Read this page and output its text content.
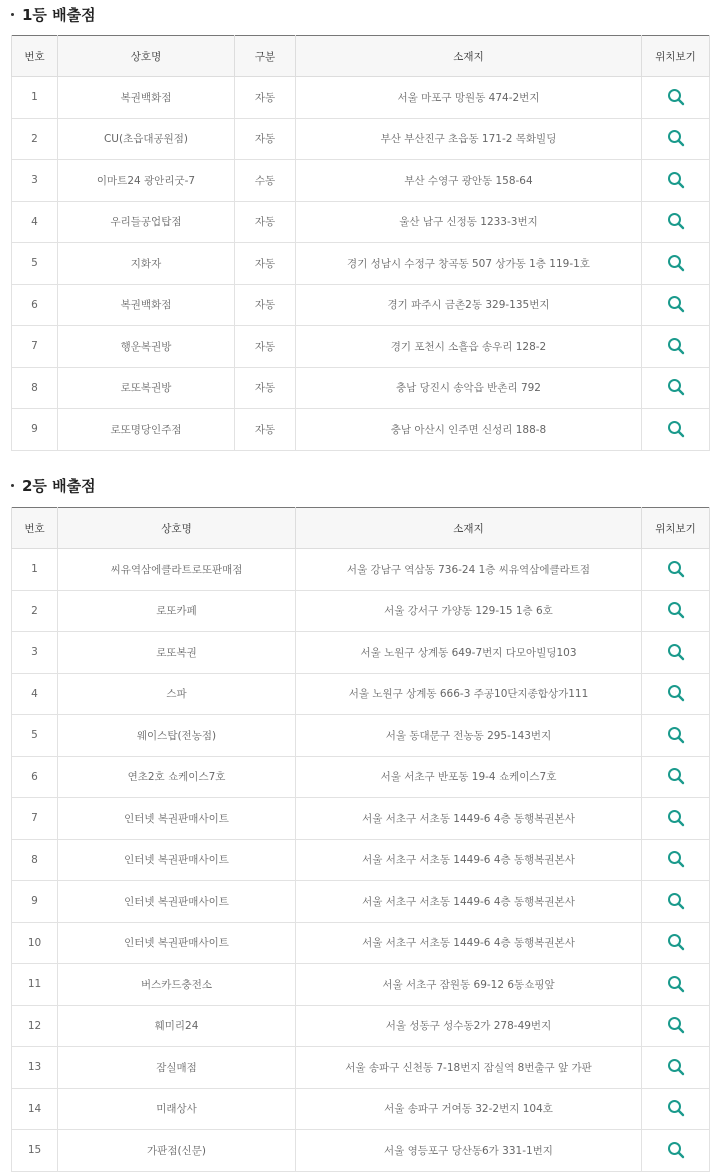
1등 배출점
번호	상호명	구분	소재지	위치보기
1	복권백화점	자동	서울 마포구 망원동 474-2번지	

2	CU(초읍대공원점)	자동	부산 부산진구 초읍동 171-2 목화빌딩	

3	이마트24 광안리굿-7	수동	부산 수영구 광안동 158-64	

4	우리들공업탑점	자동	울산 남구 신정동 1233-3번지	

5	지화자	자동	경기 성남시 수정구 창곡동 507 상가동 1층 119-1호	

6	복권백화점	자동	경기 파주시 금촌2동 329-135번지	

7	행운복권방	자동	경기 포천시 소흘읍 송우리 128-2	

8	로또복권방	자동	충남 당진시 송악읍 반촌리 792	

9	로또명당인주점	자동	충남 아산시 인주면 신성리 188-8	
2등 배출점
번호	상호명	소재지	위치보기
1	씨유역삼에클라트로또판매점	서울 강남구 역삼동 736-24 1층 씨유역삼에클라트점	

2	로또카페	서울 강서구 가양동 129-15 1층 6호	

3	로또복권	서울 노원구 상계동 649-7번지 다모아빌딩103	

4	스파	서울 노원구 상계동 666-3 주공10단지종합상가111	

5	웨이스탑(전농점)	서울 동대문구 전농동 295-143번지	

6	연초2호 쇼케이스7호	서울 서초구 반포동 19-4 쇼케이스7호	

7	인터넷 복권판매사이트	서울 서초구 서초동 1449-6 4층 동행복권본사	

8	인터넷 복권판매사이트	서울 서초구 서초동 1449-6 4층 동행복권본사	

9	인터넷 복권판매사이트	서울 서초구 서초동 1449-6 4층 동행복권본사	

10	인터넷 복권판매사이트	서울 서초구 서초동 1449-6 4층 동행복권본사	

11	버스카드충전소	서울 서초구 잠원동 69-12 6동쇼핑앞	

12	훼미리24	서울 성동구 성수동2가 278-49번지	

13	잠실매점	서울 송파구 신천동 7-18번지 잠실역 8번출구 앞 가판	

14	미래상사	서울 송파구 거여동 32-2번지 104호	

15	가판점(신문)	서울 영등포구 당산동6가 331-1번지	
